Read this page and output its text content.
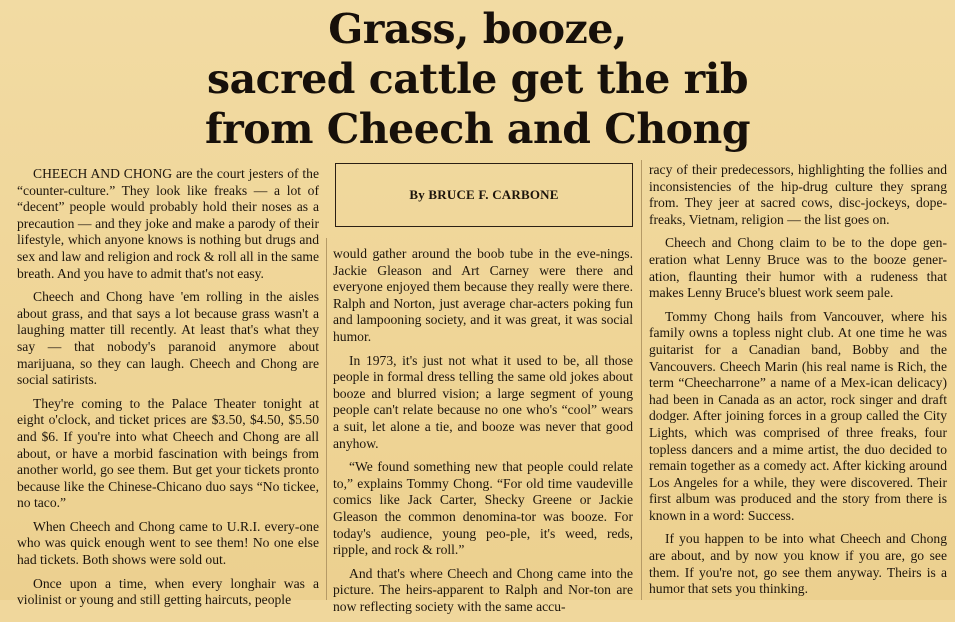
Grass, booze,
sacred cattle get the rib
from Cheech and Chong

CHEECH AND CHONG are the court jesters of the “counter-culture.” They look like freaks — a lot of “decent” people would probably hold their noses as a precaution — and they joke and make a parody of their lifestyle, which anyone knows is nothing but drugs and sex and law and religion and rock & roll all in the same breath. And you have to admit that's not easy.

Cheech and Chong have 'em rolling in the aisles about grass, and that says a lot because grass wasn't a laughing matter till recently. At least that's what they say — that nobody's paranoid anymore about marijuana, so they can laugh. Cheech and Chong are social satirists.

They're coming to the Palace Theater tonight at eight o'clock, and ticket prices are $3.50, $4.50, $5.50 and $6. If you're into what Cheech and Chong are all about, or have a morbid fascination with beings from another world, go see them. But get your tickets pronto because like the Chinese-Chicano duo says “No tickee, no taco.”

When Cheech and Chong came to U.R.I. every-one who was quick enough went to see them! No one else had tickets. Both shows were sold out.

Once upon a time, when every longhair was a violinist or young and still getting haircuts, people

By BRUCE F. CARBONE

would gather around the boob tube in the eve-nings. Jackie Gleason and Art Carney were there and everyone enjoyed them because they really were there. Ralph and Norton, just average char-acters poking fun and lampooning society, and it was great, it was social humor.

In 1973, it's just not what it used to be, all those people in formal dress telling the same old jokes about booze and blurred vision; a large segment of young people can't relate because no one who's “cool” wears a suit, let alone a tie, and booze was never that good anyhow.

“We found something new that people could relate to,” explains Tommy Chong. “For old time vaudeville comics like Jack Carter, Shecky Greene or Jackie Gleason the common denomina-tor was booze. For today's audience, young peo-ple, it's weed, reds, ripple, and rock & roll.”

And that's where Cheech and Chong came into the picture. The heirs-apparent to Ralph and Nor-ton are now reflecting society with the same accu-

racy of their predecessors, highlighting the follies and inconsistencies of the hip-drug culture they sprang from. They jeer at sacred cows, disc-jockeys, dope-freaks, Vietnam, religion — the list goes on.

Cheech and Chong claim to be to the dope gen-eration what Lenny Bruce was to the booze gener-ation, flaunting their humor with a rudeness that makes Lenny Bruce's bluest work seem pale.

Tommy Chong hails from Vancouver, where his family owns a topless night club. At one time he was guitarist for a Canadian band, Bobby and the Vancouvers. Cheech Marin (his real name is Rich, the term “Cheecharrone” a name of a Mex-ican delicacy) had been in Canada as an actor, rock singer and draft dodger. After joining forces in a group called the City Lights, which was comprised of three freaks, four topless dancers and a mime artist, the duo decided to remain together as a comedy act. After kicking around Los Angeles for a while, they were discovered. Their first album was produced and the story from there is known in a word: Success.

If you happen to be into what Cheech and Chong are about, and by now you know if you are, go see them. If you're not, go see them anyway. Theirs is a humor that sets you thinking.
